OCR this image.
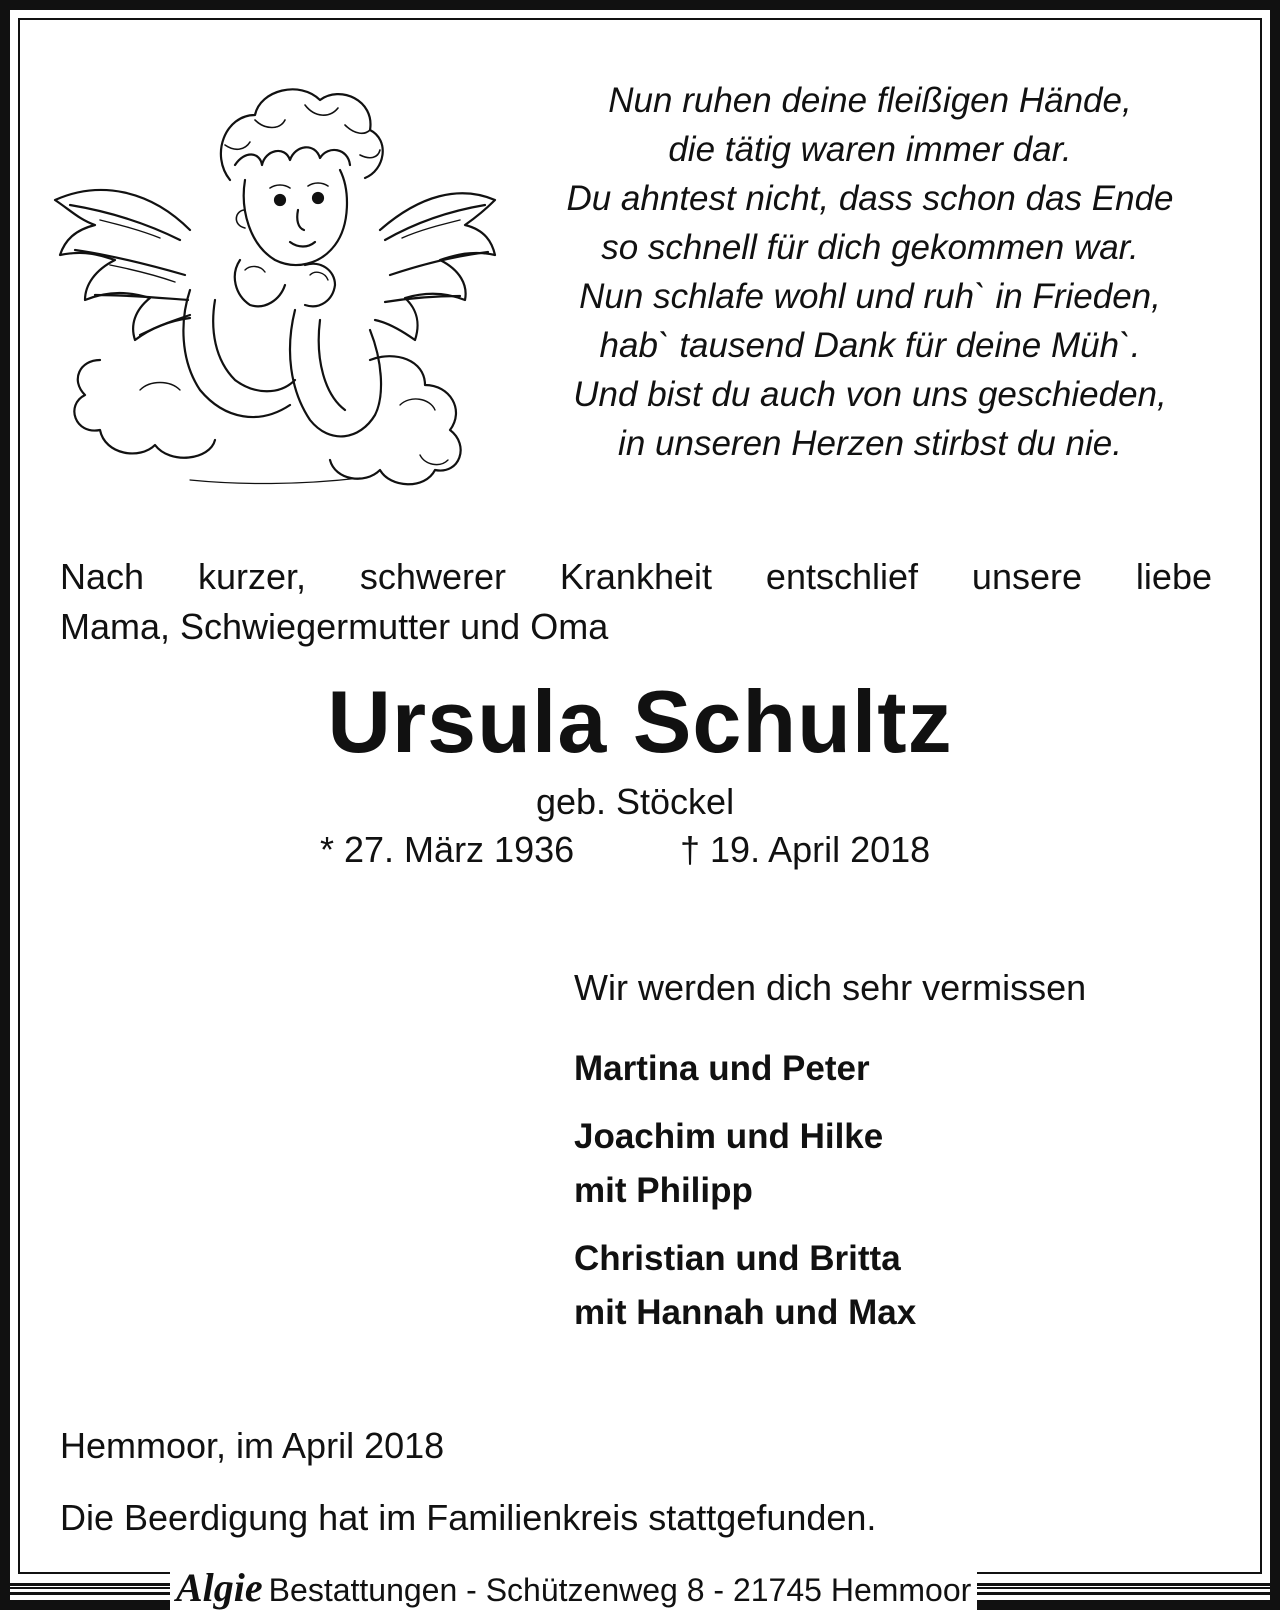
Nun ruhen deine fleißigen Hände,
die tätig waren immer dar.
Du ahntest nicht, dass schon das Ende
so schnell für dich gekommen war.
Nun schlafe wohl und ruh` in Frieden,
hab` tausend Dank für deine Müh`.
Und bist du auch von uns geschieden,
in unseren Herzen stirbst du nie.
Nach kurzer, schwerer Krankheit entschlief unsere liebe
Mama, Schwiegermutter und Oma
Ursula Schultz
geb. Stöckel
* 27. März 1936	† 19. April 2018
Wir werden dich sehr vermissen
Martina und Peter
Joachim und Hilke
mit Philipp
Christian und Britta
mit Hannah und Max
Hemmoor, im April 2018
Die Beerdigung hat im Familienkreis stattgefunden.
Algie Bestattungen - Schützenweg 8 - 21745 Hemmoor
